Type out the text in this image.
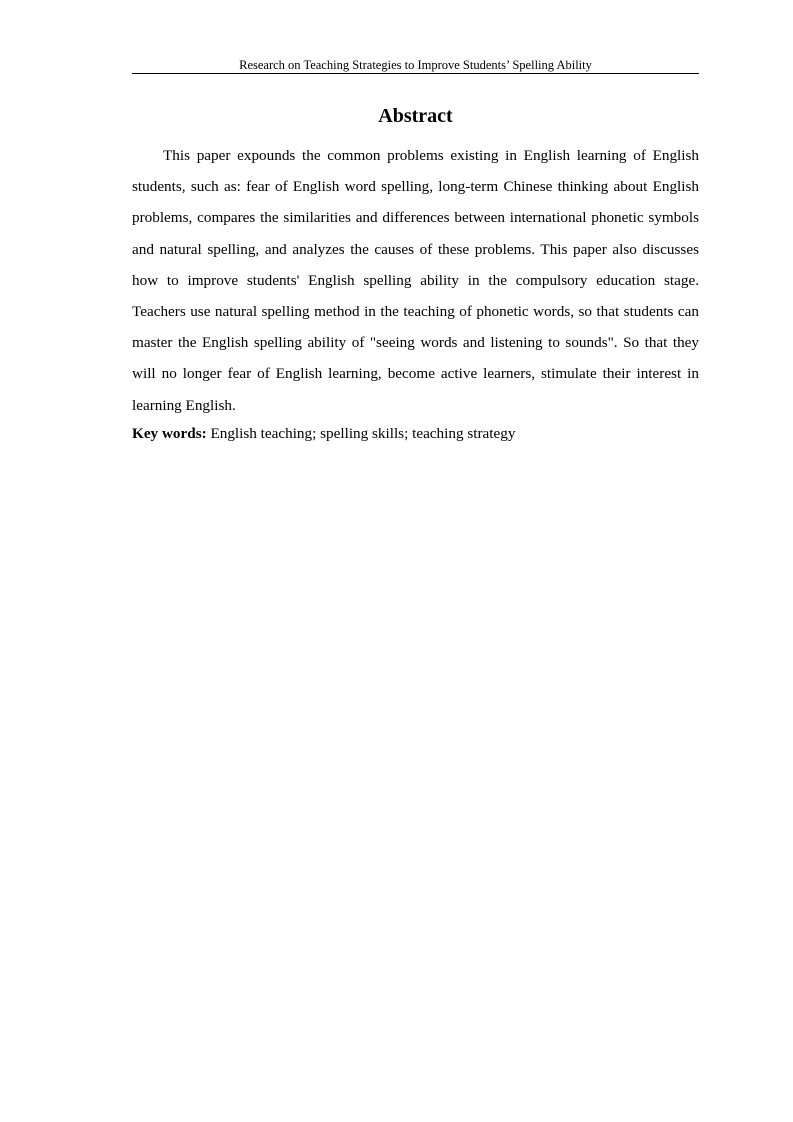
Research on Teaching Strategies to Improve Students’ Spelling Ability
Abstract

This paper expounds the common problems existing in English learning of English students, such as: fear of English word spelling, long-term Chinese thinking about English problems, compares the similarities and differences between international phonetic symbols and natural spelling, and analyzes the causes of these problems. This paper also discusses how to improve students' English spelling ability in the compulsory education stage. Teachers use natural spelling method in the teaching of phonetic words, so that students can master the English spelling ability of "seeing words and listening to sounds". So that they will no longer fear of English learning, become active learners, stimulate their interest in learning English.

Key words: English teaching; spelling skills; teaching strategy
